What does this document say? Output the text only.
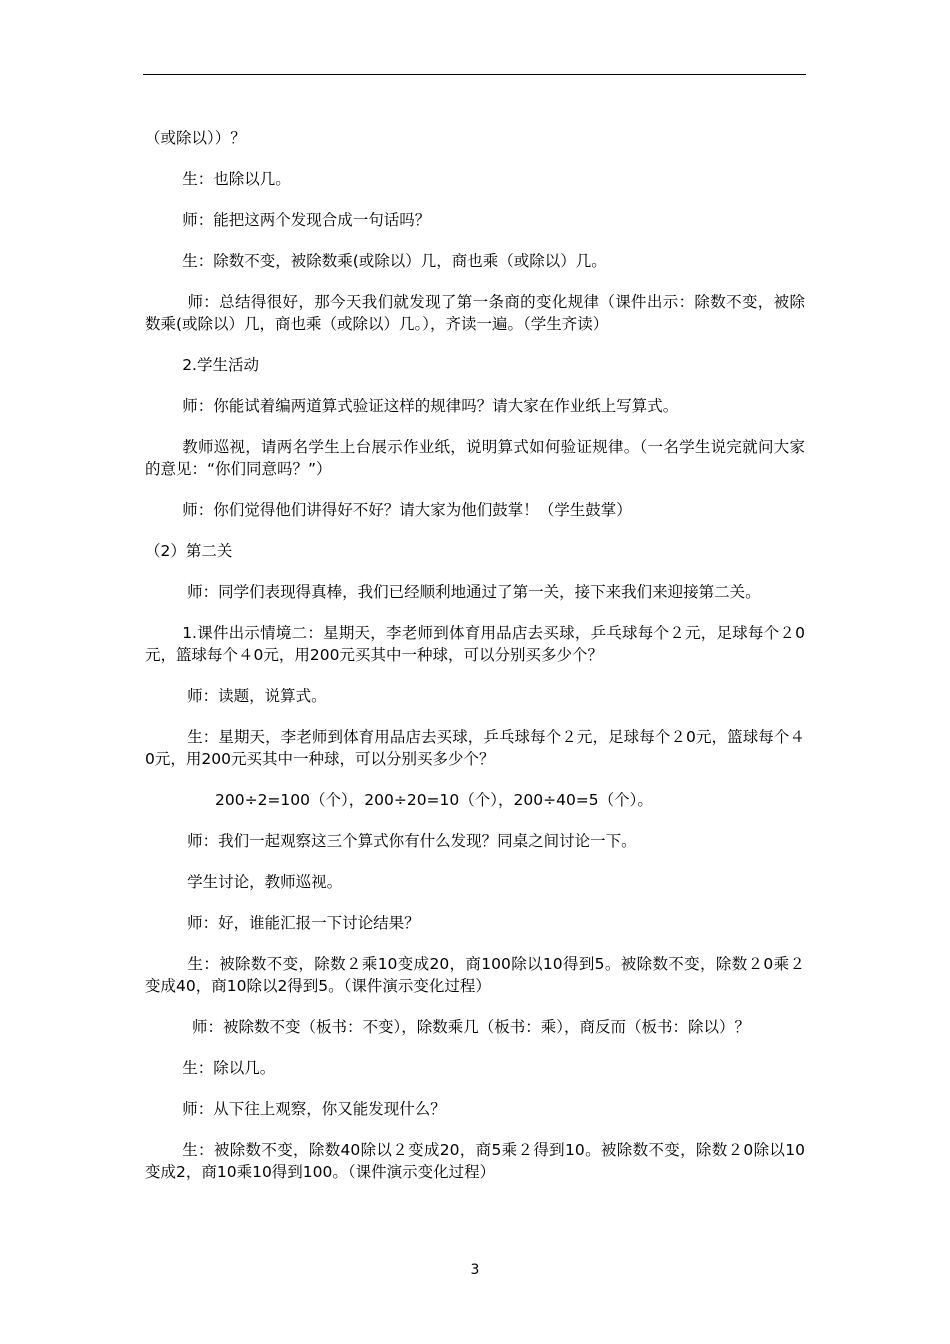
（或除以））？

生：也除以几。

师：能把这两个发现合成一句话吗？

生：除数不变，被除数乘(或除以）几，商也乘（或除以）几。

师：总结得很好，那今天我们就发现了第一条商的变化规律（课件出示：除数不变，被除数乘(或除以）几，商也乘（或除以）几。），齐读一遍。（学生齐读）

2.学生活动

师：你能试着编两道算式验证这样的规律吗？请大家在作业纸上写算式。

教师巡视，请两名学生上台展示作业纸，说明算式如何验证规律。（一名学生说完就问大家的意见：“你们同意吗？”）

师：你们觉得他们讲得好不好？请大家为他们鼓掌！（学生鼓掌）

（2）第二关

师：同学们表现得真棒，我们已经顺利地通过了第一关，接下来我们来迎接第二关。

1.课件出示情境二：星期天，李老师到体育用品店去买球，乒乓球每个２元，足球每个２0元，篮球每个４0元，用200元买其中一种球，可以分别买多少个？

师：读题，说算式。

生：星期天，李老师到体育用品店去买球，乒乓球每个２元，足球每个２0元，篮球每个４0元，用200元买其中一种球，可以分别买多少个？

200÷2=100（个），200÷20=10（个），200÷40=5（个）。

师：我们一起观察这三个算式你有什么发现？同桌之间讨论一下。

学生讨论，教师巡视。

师：好，谁能汇报一下讨论结果？

生：被除数不变，除数２乘10变成20，商100除以10得到5。被除数不变，除数２0乘２变成40，商10除以2得到5。（课件演示变化过程）

师：被除数不变（板书：不变），除数乘几（板书：乘），商反而（板书：除以）？

生：除以几。

师：从下往上观察，你又能发现什么？

生：被除数不变，除数40除以２变成20，商5乘２得到10。被除数不变，除数２0除以10变成2，商10乘10得到100。（课件演示变化过程）

3
